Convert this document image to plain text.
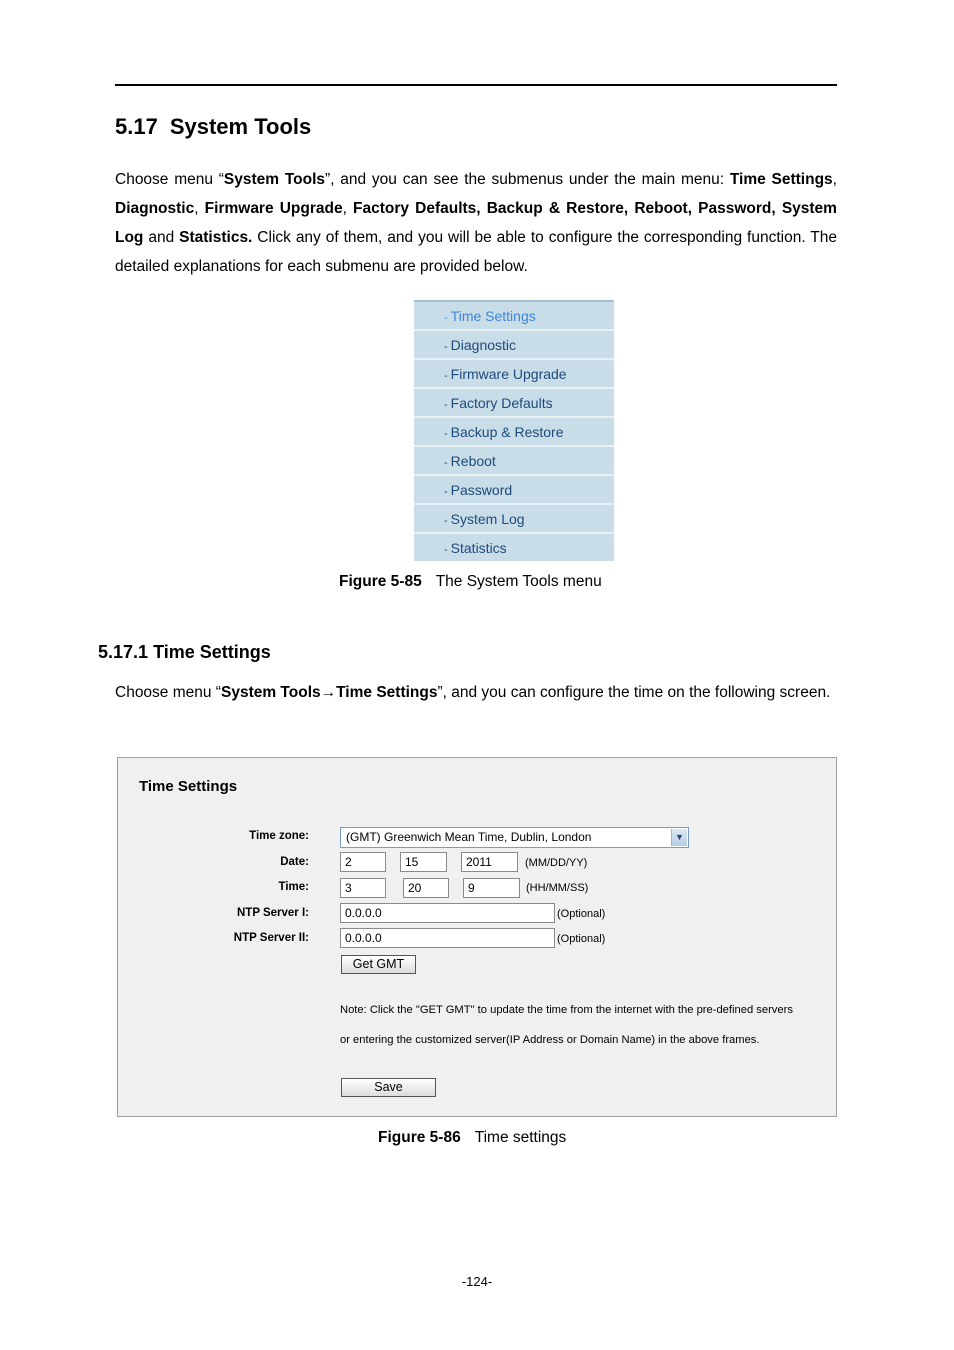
5.17 System Tools
Choose menu “System Tools”, and you can see the submenus under the main menu: Time Settings, Diagnostic, Firmware Upgrade, Factory Defaults, Backup & Restore, Reboot, Password, System Log and Statistics. Click any of them, and you will be able to configure the corresponding function. The detailed explanations for each submenu are provided below.
- Time Settings
- Diagnostic
- Firmware Upgrade
- Factory Defaults
- Backup & Restore
- Reboot
- Password
- System Log
- Statistics
Figure 5-85 The System Tools menu
5.17.1 Time Settings
Choose menu “System Tools→Time Settings”, and you can configure the time on the following screen.
Time Settings
Time zone:	(GMT) Greenwich Mean Time, Dublin, London	▼
Date:	2	15	2011	(MM/DD/YY)
Time:	3	20	9	(HH/MM/SS)
NTP Server I:	0.0.0.0	(Optional)
NTP Server II:	0.0.0.0	(Optional)
Get GMT
Note: Click the "GET GMT" to update the time from the internet with the pre-defined servers
or entering the customized server(IP Address or Domain Name) in the above frames.
Save
Figure 5-86 Time settings
-124-
